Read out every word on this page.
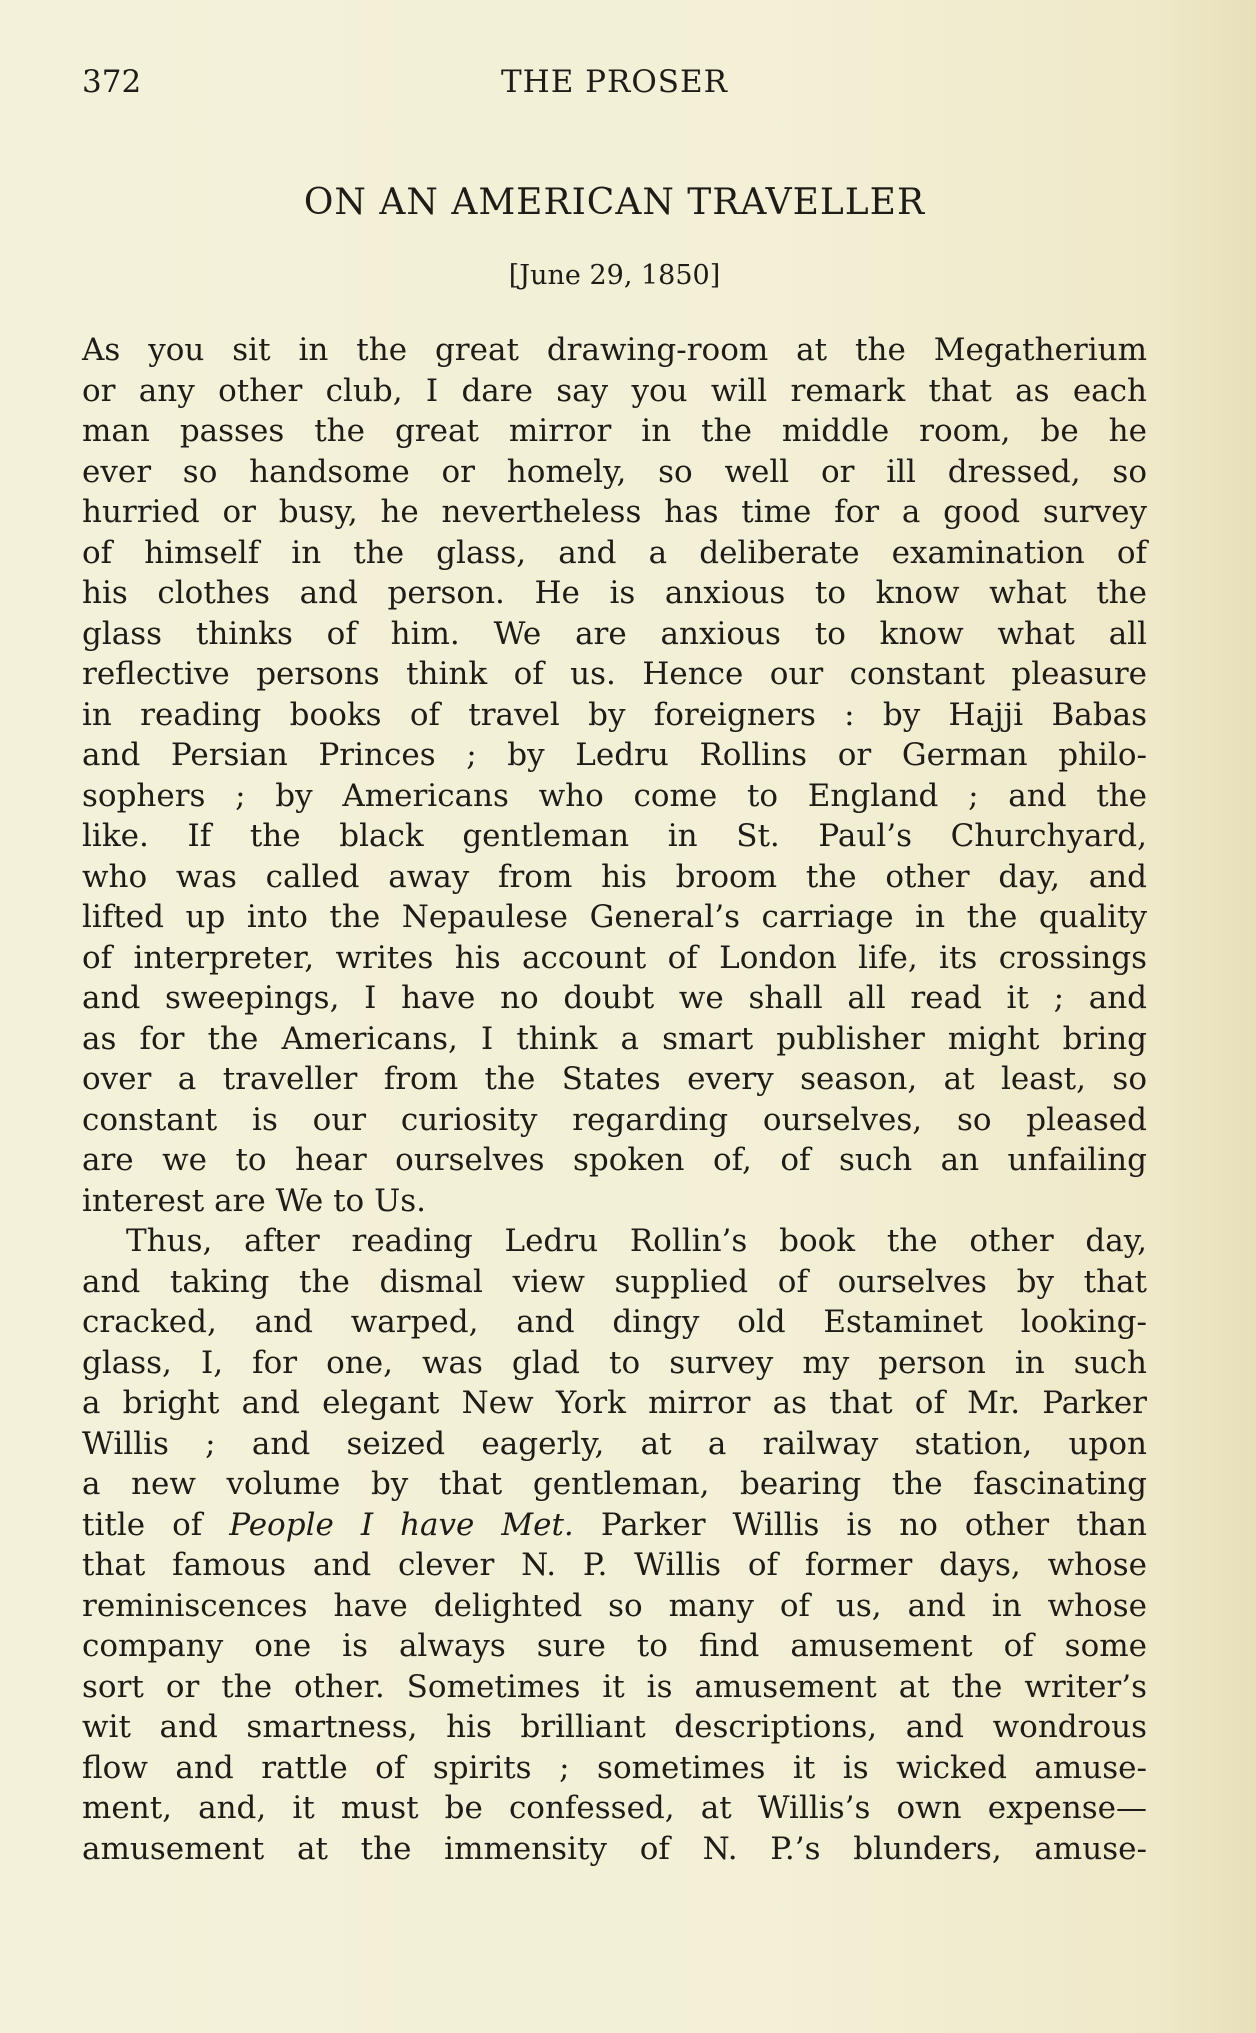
372	THE PROSER
ON AN AMERICAN TRAVELLER
[June 29, 1850]
As you sit in the great drawing-room at the Megatherium
or any other club, I dare say you will remark that as each
man passes the great mirror in the middle room, be he
ever so handsome or homely, so well or ill dressed, so
hurried or busy, he nevertheless has time for a good survey
of himself in the glass, and a deliberate examination of
his clothes and person. He is anxious to know what the
glass thinks of him. We are anxious to know what all
reflective persons think of us. Hence our constant pleasure
in reading books of travel by foreigners : by Hajji Babas
and Persian Princes ; by Ledru Rollins or German philo-
sophers ; by Americans who come to England ; and the
like. If the black gentleman in St. Paul’s Churchyard,
who was called away from his broom the other day, and
lifted up into the Nepaulese General’s carriage in the quality
of interpreter, writes his account of London life, its crossings
and sweepings, I have no doubt we shall all read it ; and
as for the Americans, I think a smart publisher might bring
over a traveller from the States every season, at least, so
constant is our curiosity regarding ourselves, so pleased
are we to hear ourselves spoken of, of such an unfailing
interest are We to Us.
Thus, after reading Ledru Rollin’s book the other day,
and taking the dismal view supplied of ourselves by that
cracked, and warped, and dingy old Estaminet looking-
glass, I, for one, was glad to survey my person in such
a bright and elegant New York mirror as that of Mr. Parker
Willis ; and seized eagerly, at a railway station, upon
a new volume by that gentleman, bearing the fascinating
title of People I have Met. Parker Willis is no other than
that famous and clever N. P. Willis of former days, whose
reminiscences have delighted so many of us, and in whose
company one is always sure to find amusement of some
sort or the other. Sometimes it is amusement at the writer’s
wit and smartness, his brilliant descriptions, and wondrous
flow and rattle of spirits ; sometimes it is wicked amuse-
ment, and, it must be confessed, at Willis’s own expense—
amusement at the immensity of N. P.’s blunders, amuse-
